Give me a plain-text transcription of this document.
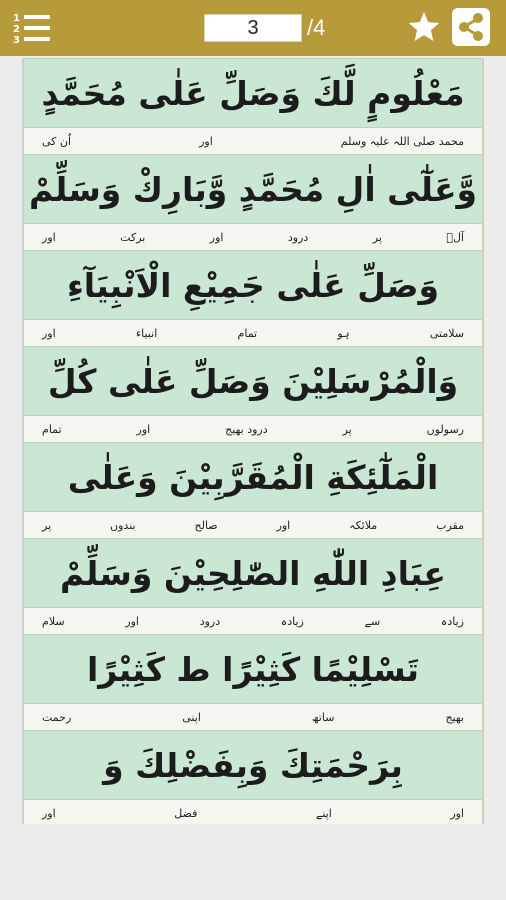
1
2
3
3	/4
مَعْلُومٍ لَّكَ وَصَلِّ عَلٰى مُحَمَّدٍ
محمد صلی اللہ علیہ وسلم
اور
اُن کی
وَّعَلٰٓى اٰلِ مُحَمَّدٍ وَّبَارِكْ وَسَلِّمْ
آلؑ
پر
درود
اور
برکت
اور
وَصَلِّ عَلٰى جَمِيْعِ الْاَنْبِيَآءِ
سلامتی
ہو
تمام
انبیاء
اور
وَالْمُرْسَلِيْنَ وَصَلِّ عَلٰى كُلِّ
رسولوں
پر
درود بھیج
اور
تمام
الْمَلٰٓئِكَةِ الْمُقَرَّبِيْنَ وَعَلٰى
مقرب
ملائکہ
اور
صالح
بندوں
پر
عِبَادِ اللّٰهِ الصّٰلِحِيْنَ وَسَلِّمْ
زیادہ
سے
زیادہ
درود
اور
سلام
تَسْلِيْمًا كَثِيْرًا ط كَثِيْرًا
بھیج
ساتھ
اپنی
رحمت
بِرَحْمَتِكَ وَبِفَضْلِكَ وَ
اور
اپنے
فضل
اور
